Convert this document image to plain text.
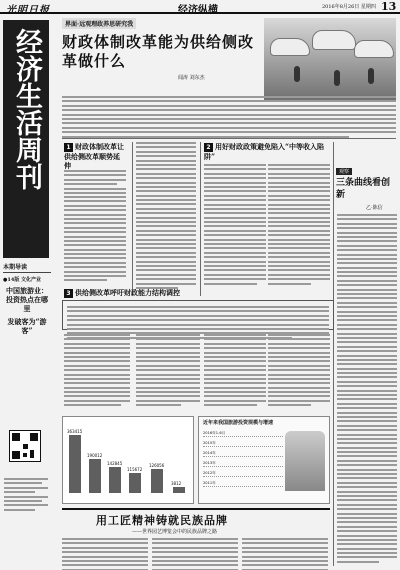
光明日报	经济纵横	2016年8月26日 星期四 13
经济生活周刊
本期导读
●14版 文化产业
中国旅游业：投资热点在哪里
发破客为“游客”
界面·远观理政养思研究我
财政体制改革能为供给侧改革做什么
闻涛 刘东杰
1 财政体制改革让供给侧改革顺势延伸
2 用好财政政策避免陷入“中等收入陷阱”
观察
三条曲线看创新
乙·陈信
3 供给侧改革呼吁财政能力结构调控
363415
190012
142845
115672
126056
3812
近年来我国旅游投资规模与增速
2016年1-6月
2015年
2014年
2013年
2012年
2011年
用工匠精神铸就民族品牌
——世界园艺博览会中的民族品牌之路
